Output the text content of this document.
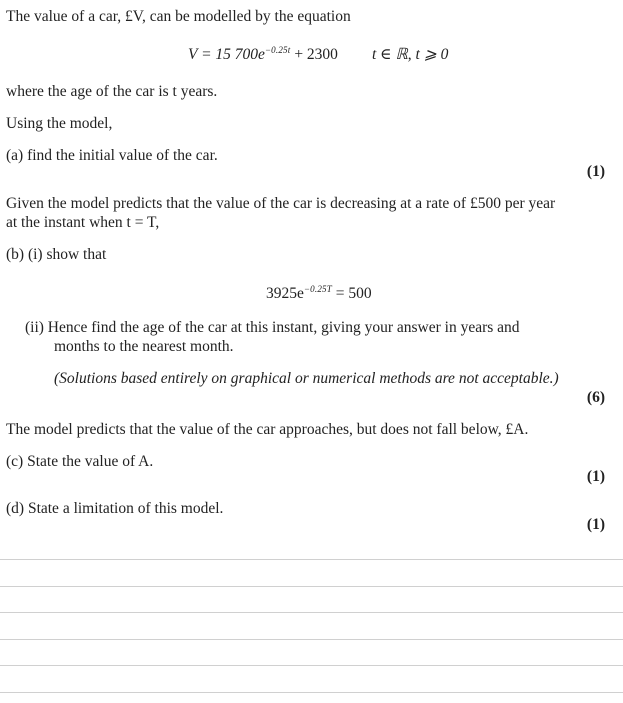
The value of a car, £V, can be modelled by the equation
V = 15 $700e^{-0.25t} + 2300$ t ∈ ℝ, t ⩾ 0
where the age of the car is t years.
Using the model,
(a) find the initial value of the car.
(1)
Given the model predicts that the value of the car is decreasing at a rate of £500 per year
at the instant when t = T,
(b) (i) show that
$3925e^{-0.25T} = 500$
(ii) Hence find the age of the car at this instant, giving your answer in years and
months to the nearest month.
(Solutions based entirely on graphical or numerical methods are not acceptable.)
(6)
The model predicts that the value of the car approaches, but does not fall below, £A.
(c) State the value of A.
(1)
(d) State a limitation of this model.
(1)
